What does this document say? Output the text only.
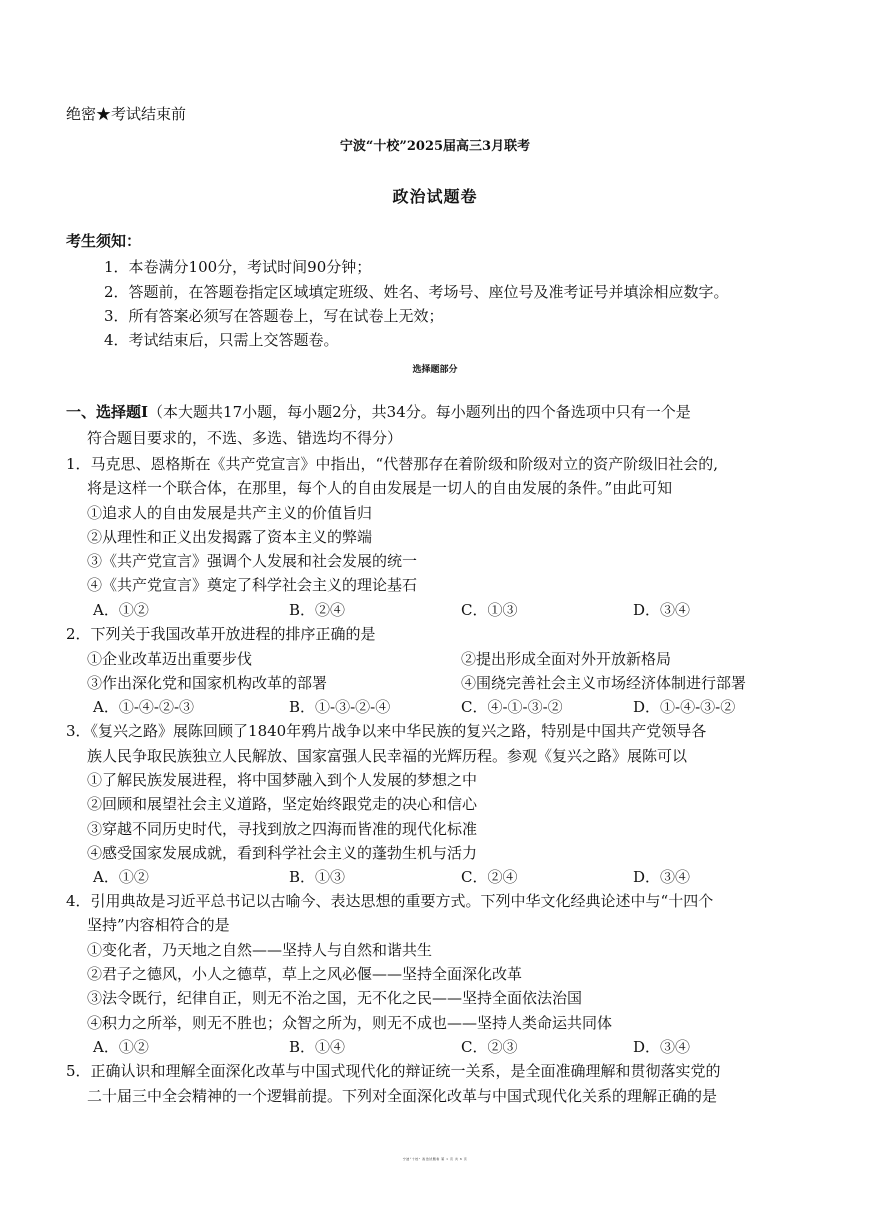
绝密★考试结束前
宁波“十校”2025届高三3月联考
政治试题卷
考生须知：
1．本卷满分100分，考试时间90分钟；
2．答题前，在答题卷指定区域填定班级、姓名、考场号、座位号及准考证号并填涂相应数字。
3．所有答案必须写在答题卷上，写在试卷上无效；
4．考试结束后，只需上交答题卷。
选择题部分
一、选择题Ⅰ（本大题共17小题，每小题2分，共34分。每小题列出的四个备选项中只有一个是
符合题目要求的，不选、多选、错选均不得分）
1．马克思、恩格斯在《共产党宣言》中指出，“代替那存在着阶级和阶级对立的资产阶级旧社会的,
将是这样一个联合体，在那里，每个人的自由发展是一切人的自由发展的条件。”由此可知
①追求人的自由发展是共产主义的价值旨归
②从理性和正义出发揭露了资本主义的弊端
③《共产党宣言》强调个人发展和社会发展的统一
④《共产党宣言》奠定了科学社会主义的理论基石
A．①②	B．②④	C．①③	D．③④
2．下列关于我国改革开放进程的排序正确的是
①企业改革迈出重要步伐	②提出形成全面对外开放新格局
③作出深化党和国家机构改革的部署	④围绕完善社会主义市场经济体制进行部署
A．①-④-②-③	B．①-③-②-④	C．④-①-③-②	D．①-④-③-②
3．《复兴之路》展陈回顾了1840年鸦片战争以来中华民族的复兴之路，特别是中国共产党领导各
族人民争取民族独立人民解放、国家富强人民幸福的光辉历程。参观《复兴之路》展陈可以
①了解民族发展进程，将中国梦融入到个人发展的梦想之中
②回顾和展望社会主义道路，坚定始终跟党走的决心和信心
③穿越不同历史时代，寻找到放之四海而皆准的现代化标准
④感受国家发展成就，看到科学社会主义的蓬勃生机与活力
A．①②	B．①③	C．②④	D．③④
4．引用典故是习近平总书记以古喻今、表达思想的重要方式。下列中华文化经典论述中与“十四个
坚持”内容相符合的是
①变化者，乃天地之自然——坚持人与自然和谐共生
②君子之德风，小人之德草，草上之风必偃——坚持全面深化改革
③法令既行，纪律自正，则无不治之国，无不化之民——坚持全面依法治国
④积力之所举，则无不胜也；众智之所为，则无不成也——坚持人类命运共同体
A．①②	B．①④	C．②③	D．③④
5．正确认识和理解全面深化改革与中国式现代化的辩证统一关系，是全面准确理解和贯彻落实党的
二十届三中全会精神的一个逻辑前提。下列对全面深化改革与中国式现代化关系的理解正确的是
宁波“十校” 政治试题卷 第 1 页 共 6 页
